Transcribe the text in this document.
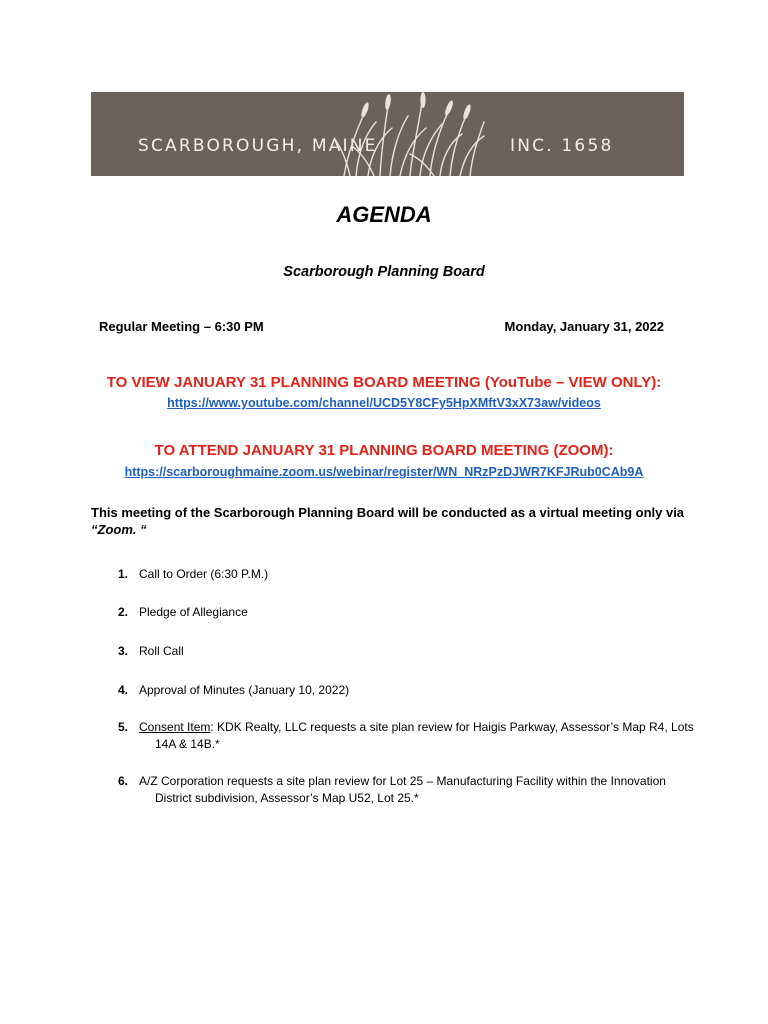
SCARBOROUGH, MAINE	INC. 1658
AGENDA
Scarborough Planning Board
Regular Meeting – 6:30 PM	Monday, January 31, 2022
TO VIEW JANUARY 31 PLANNING BOARD MEETING (YouTube – VIEW ONLY):
https://www.youtube.com/channel/UCD5Y8CFy5HpXMftV3xX73aw/videos
TO ATTEND JANUARY 31 PLANNING BOARD MEETING (ZOOM):
https://scarboroughmaine.zoom.us/webinar/register/WN_NRzPzDJWR7KFJRub0CAb9A
This meeting of the Scarborough Planning Board will be conducted as a virtual meeting only via
“Zoom. “
1. Call to Order (6:30 P.M.)
2. Pledge of Allegiance
3. Roll Call
4. Approval of Minutes (January 10, 2022)
5. Consent Item: KDK Realty, LLC requests a site plan review for Haigis Parkway, Assessor’s Map R4, Lots
14A & 14B.*
6. A/Z Corporation requests a site plan review for Lot 25 – Manufacturing Facility within the Innovation
District subdivision, Assessor’s Map U52, Lot 25.*
